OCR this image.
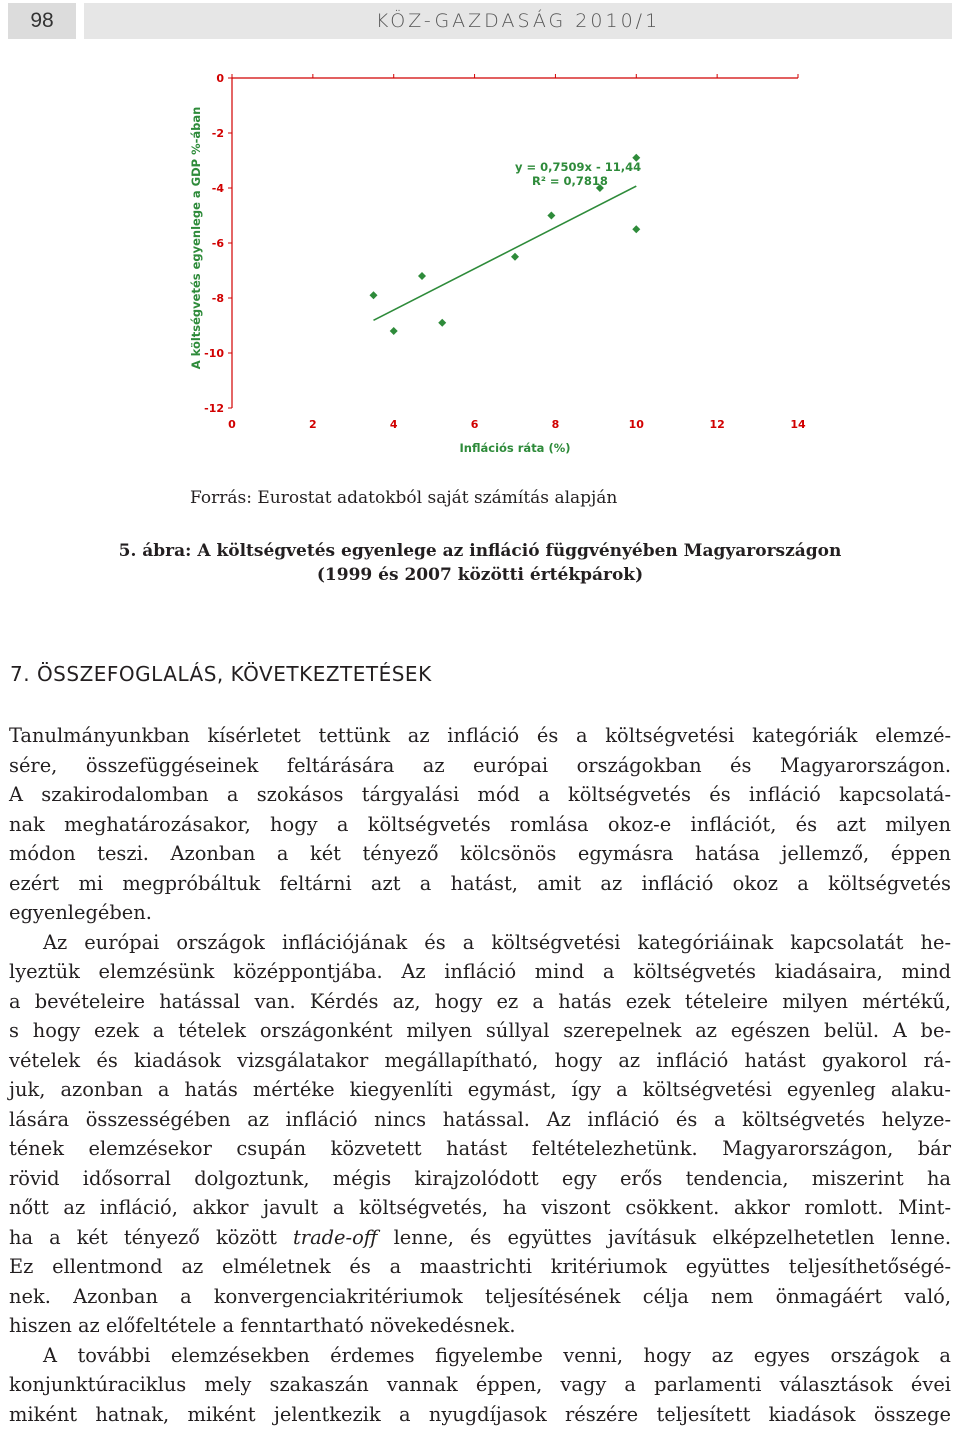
98	KÖZ-GAZDASÁG 2010/1
0
-2
-4
-6
-8
-10
-12
0	2	4	6	8	10	12	14
A költségvetés egyenlege a GDP %-ában
Inflációs ráta (%)
y = 0,7509x - 11,44
R² = 0,7818
Forrás: Eurostat adatokból saját számítás alapján
5. ábra: A költségvetés egyenlege az infláció függvényében Magyarországon
(1999 és 2007 közötti értékpárok)
7. ÖSSZEFOGLALÁS, KÖVETKEZTETÉSEK
Tanulmányunkban kísérletet tettünk az infláció és a költségvetési kategóriák elemzé-
sére, összefüggéseinek feltárására az európai országokban és Magyarországon.
A szakirodalomban a szokásos tárgyalási mód a költségvetés és infláció kapcsolatá-
nak meghatározásakor, hogy a költségvetés romlása okoz-e inflációt, és azt milyen
módon teszi. Azonban a két tényező kölcsönös egymásra hatása jellemző, éppen
ezért mi megpróbáltuk feltárni azt a hatást, amit az infláció okoz a költségvetés
egyenlegében.
Az európai országok inflációjának és a költségvetési kategóriáinak kapcsolatát he-
lyeztük elemzésünk középpontjába. Az infláció mind a költségvetés kiadásaira, mind
a bevételeire hatással van. Kérdés az, hogy ez a hatás ezek tételeire milyen mértékű,
s hogy ezek a tételek országonként milyen súllyal szerepelnek az egészen belül. A be-
vételek és kiadások vizsgálatakor megállapítható, hogy az infláció hatást gyakorol rá-
juk, azonban a hatás mértéke kiegyenlíti egymást, így a költségvetési egyenleg alaku-
lására összességében az infláció nincs hatással. Az infláció és a költségvetés helyze-
tének elemzésekor csupán közvetett hatást feltételezhetünk. Magyarországon, bár
rövid idősorral dolgoztunk, mégis kirajzolódott egy erős tendencia, miszerint ha
nőtt az infláció, akkor javult a költségvetés, ha viszont csökkent. akkor romlott. Mint-
ha a két tényező között trade-off lenne, és együttes javításuk elképzelhetetlen lenne.
Ez ellentmond az elméletnek és a maastrichti kritériumok együttes teljesíthetőségé-
nek. Azonban a konvergenciakritériumok teljesítésének célja nem önmagáért való,
hiszen az előfeltétele a fenntartható növekedésnek.
A további elemzésekben érdemes figyelembe venni, hogy az egyes országok a
konjunktúraciklus mely szakaszán vannak éppen, vagy a parlamenti választások évei
miként hatnak, miként jelentkezik a nyugdíjasok részére teljesített kiadások összege
